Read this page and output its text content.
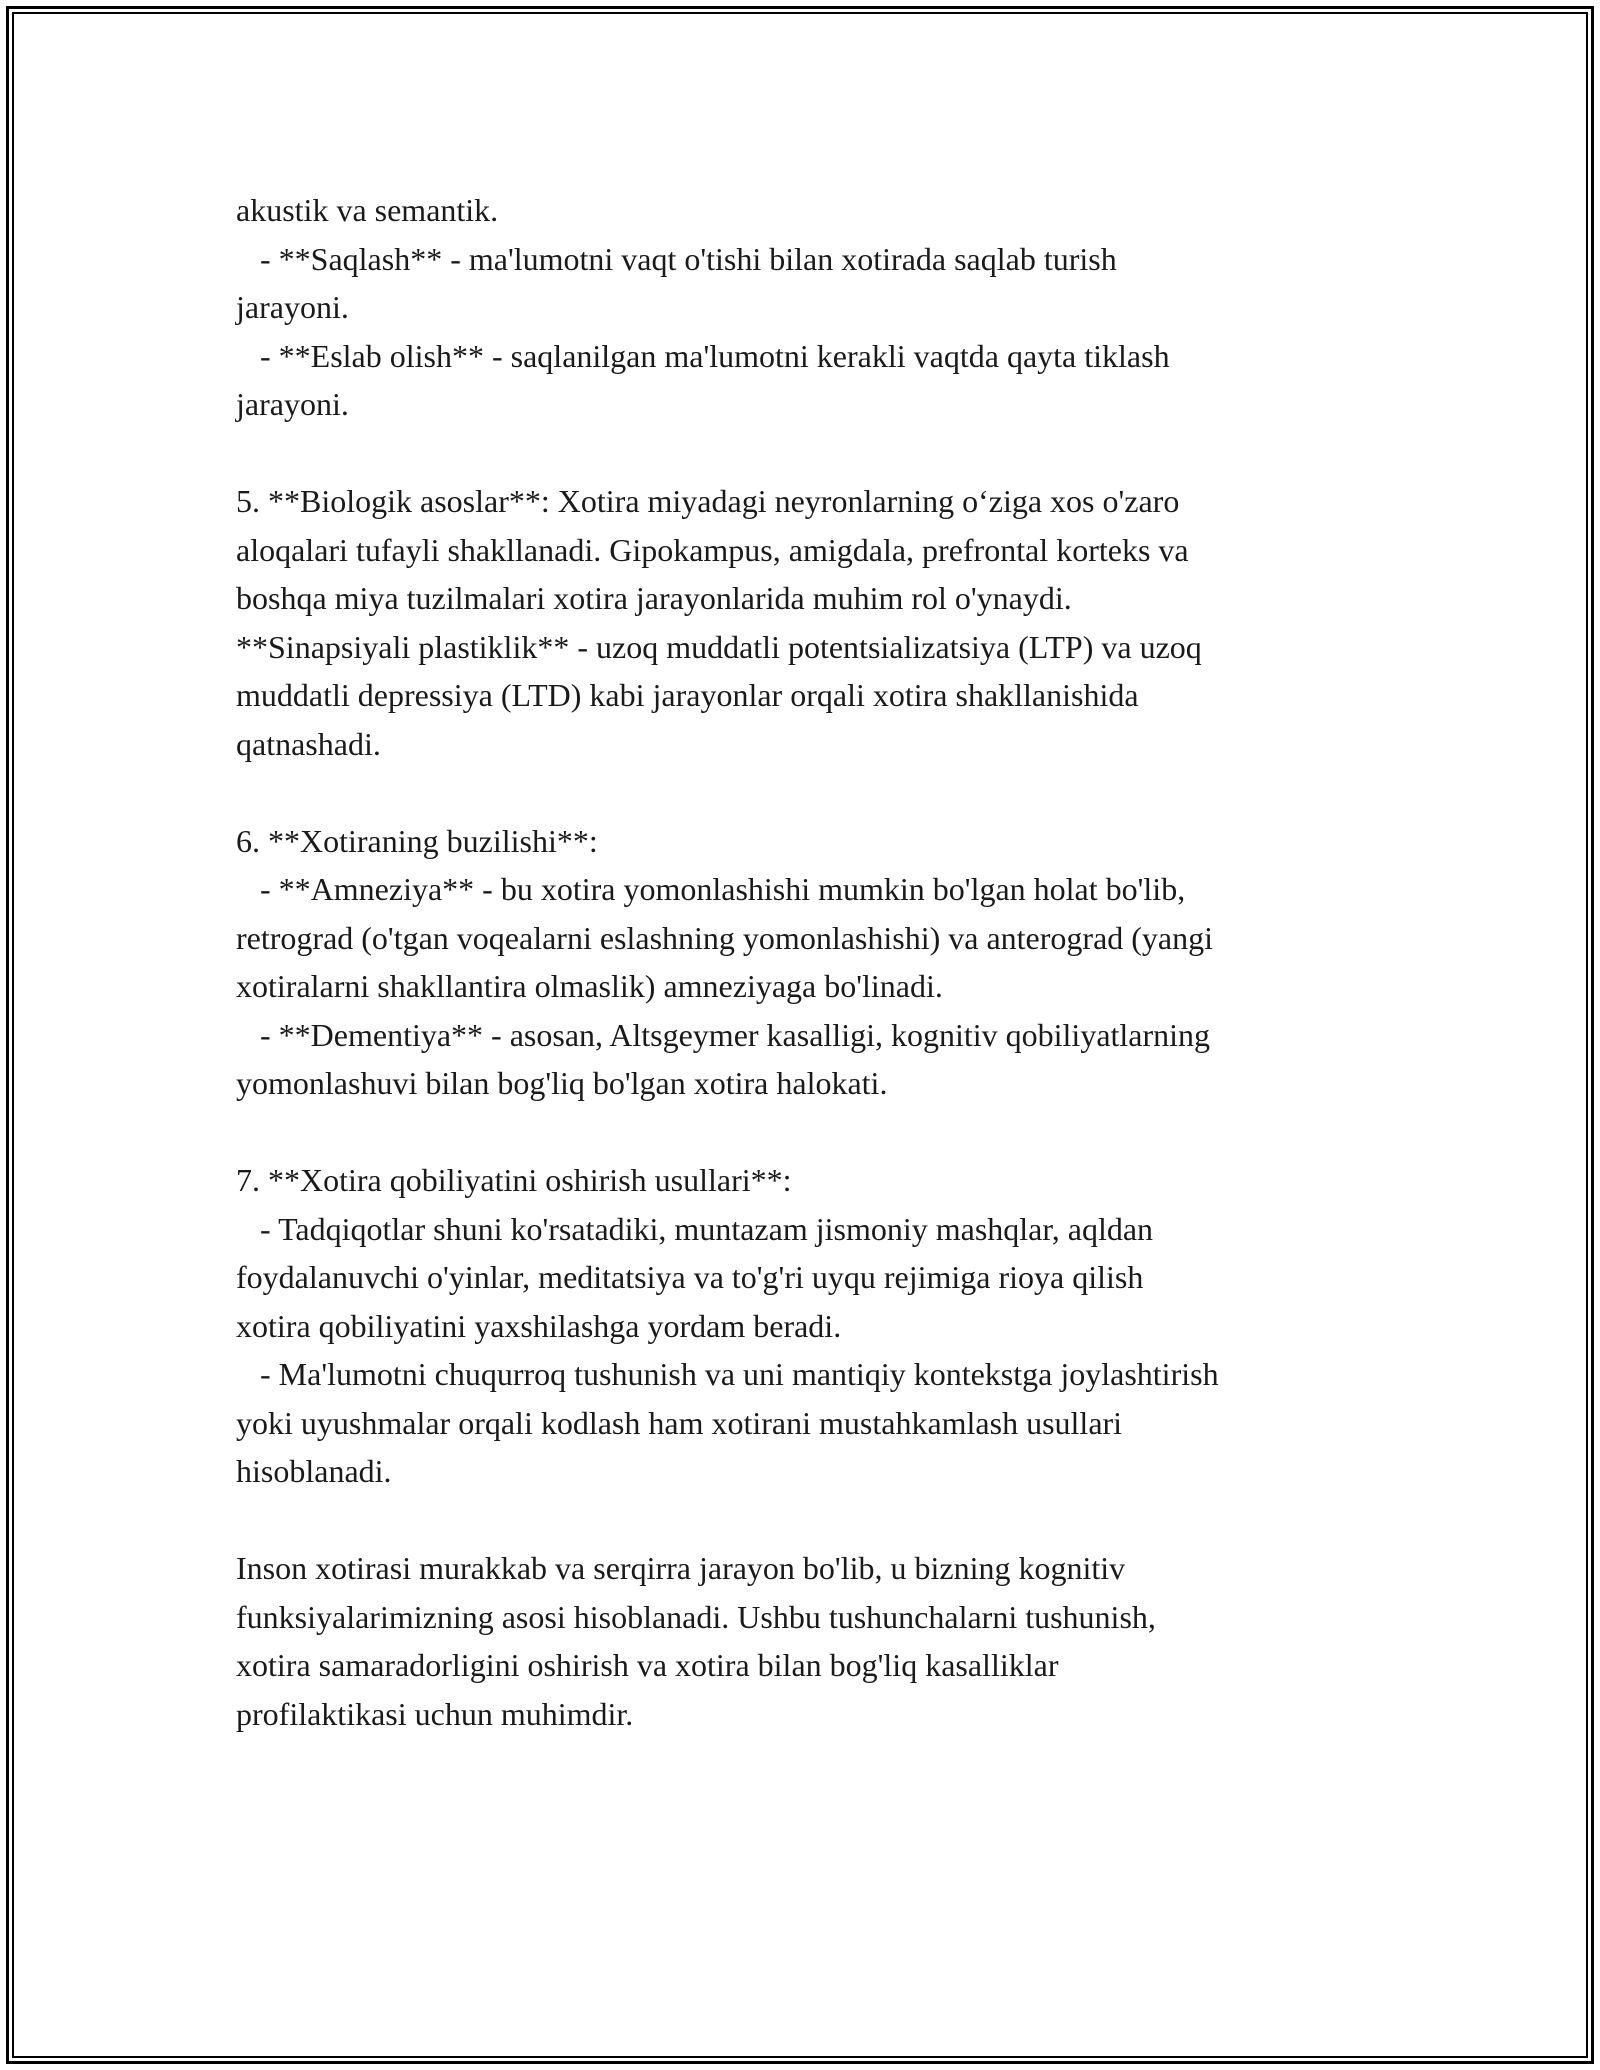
akustik va semantik.
- **Saqlash** - ma'lumotni vaqt o'tishi bilan xotirada saqlab turish
jarayoni.
- **Eslab olish** - saqlanilgan ma'lumotni kerakli vaqtda qayta tiklash
jarayoni.
5. **Biologik asoslar**: Xotira miyadagi neyronlarning o‘ziga xos o'zaro
aloqalari tufayli shakllanadi. Gipokampus, amigdala, prefrontal korteks va
boshqa miya tuzilmalari xotira jarayonlarida muhim rol o'ynaydi.
**Sinapsiyali plastiklik** - uzoq muddatli potentsializatsiya (LTP) va uzoq
muddatli depressiya (LTD) kabi jarayonlar orqali xotira shakllanishida
qatnashadi.
6. **Xotiraning buzilishi**:
- **Amneziya** - bu xotira yomonlashishi mumkin bo'lgan holat bo'lib,
retrograd (o'tgan voqealarni eslashning yomonlashishi) va anterograd (yangi
xotiralarni shakllantira olmaslik) amneziyaga bo'linadi.
- **Dementiya** - asosan, Altsgeymer kasalligi, kognitiv qobiliyatlarning
yomonlashuvi bilan bog'liq bo'lgan xotira halokati.
7. **Xotira qobiliyatini oshirish usullari**:
- Tadqiqotlar shuni ko'rsatadiki, muntazam jismoniy mashqlar, aqldan
foydalanuvchi o'yinlar, meditatsiya va to'g'ri uyqu rejimiga rioya qilish
xotira qobiliyatini yaxshilashga yordam beradi.
- Ma'lumotni chuqurroq tushunish va uni mantiqiy kontekstga joylashtirish
yoki uyushmalar orqali kodlash ham xotirani mustahkamlash usullari
hisoblanadi.
Inson xotirasi murakkab va serqirra jarayon bo'lib, u bizning kognitiv
funksiyalarimizning asosi hisoblanadi. Ushbu tushunchalarni tushunish,
xotira samaradorligini oshirish va xotira bilan bog'liq kasalliklar
profilaktikasi uchun muhimdir.
